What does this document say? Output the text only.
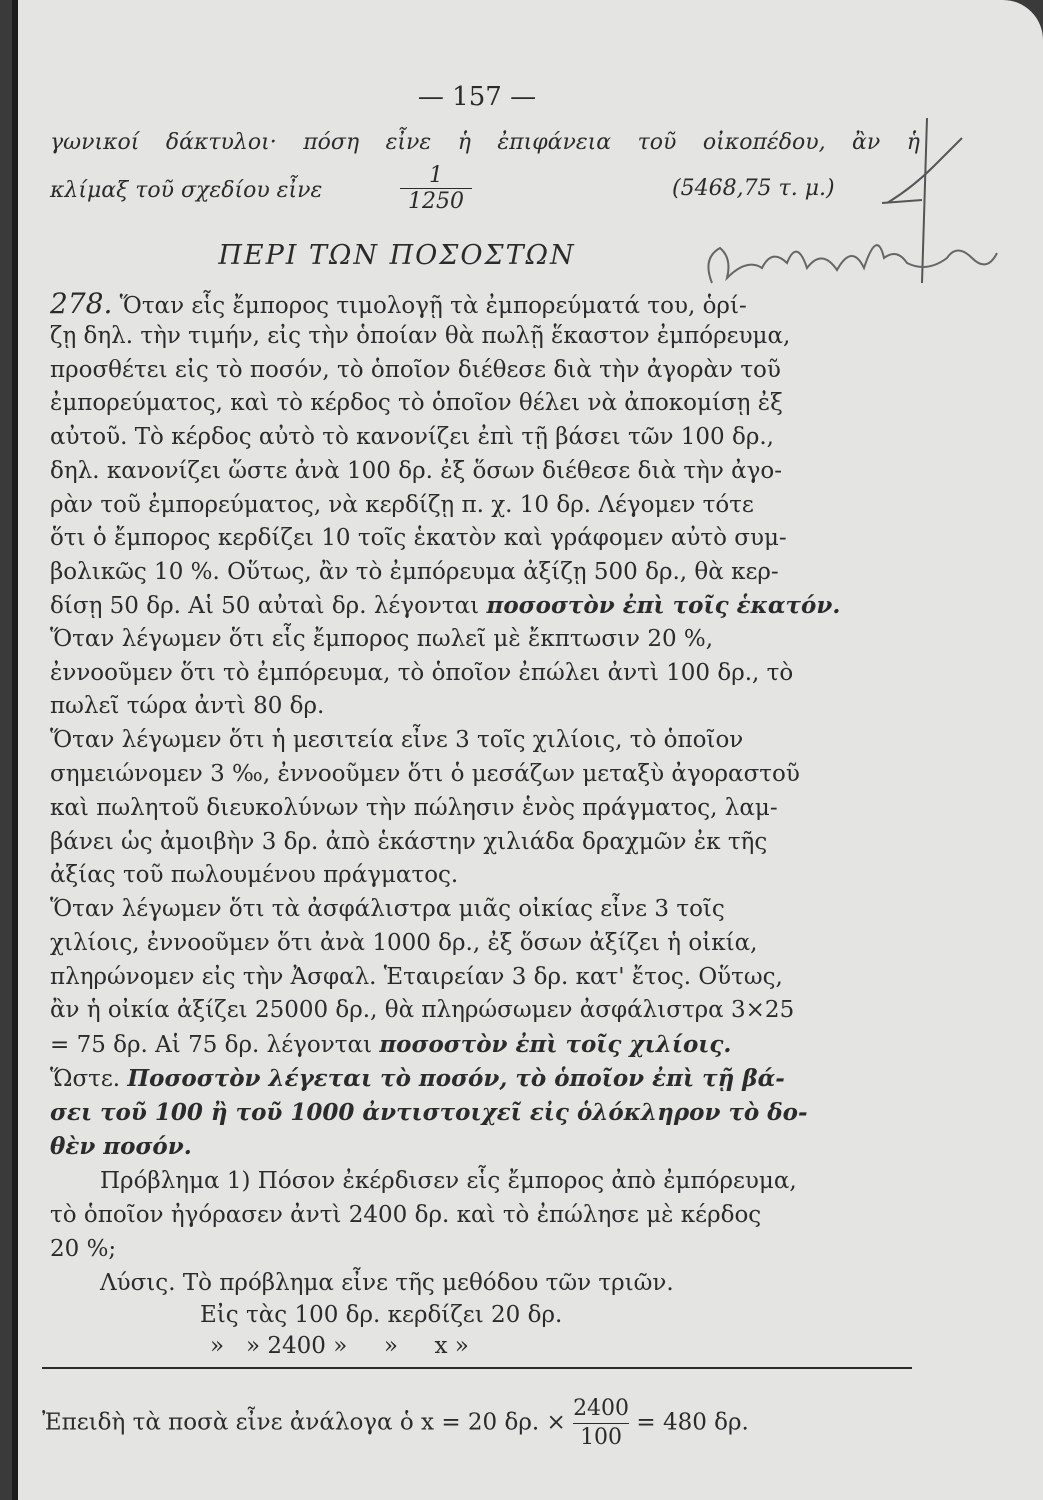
— 157 —
γωνικοί δάκτυλοι· πόση εἶνε ἡ ἐπιφάνεια τοῦ οἰκοπέδου, ἂν ἡ
κλίμαξ τοῦ σχεδίου εἶνε	$\frac{1}{1250}$	(5468,75 τ. μ.)
ΠΕΡΙ ΤΩΝ ΠΟΣΟΣΤΩΝ
278. Ὅταν εἷς ἔμπορος τιμολογῇ τὰ ἐμπορεύματά του, ὁρί-
ζῃ δηλ. τὴν τιμήν, εἰς τὴν ὁποίαν θὰ πωλῇ ἕκαστον ἐμπόρευμα,
προσθέτει εἰς τὸ ποσόν, τὸ ὁποῖον διέθεσε διὰ τὴν ἀγορὰν τοῦ
ἐμπορεύματος, καὶ τὸ κέρδος τὸ ὁποῖον θέλει νὰ ἀποκομίσῃ ἐξ
αὐτοῦ. Τὸ κέρδος αὐτὸ τὸ κανονίζει ἐπὶ τῇ βάσει τῶν 100 δρ.,
δηλ. κανονίζει ὥστε ἀνὰ 100 δρ. ἐξ ὅσων διέθεσε διὰ τὴν ἀγο-
ρὰν τοῦ ἐμπορεύματος, νὰ κερδίζῃ π. χ. 10 δρ. Λέγομεν τότε
ὅτι ὁ ἔμπορος κερδίζει 10 τοῖς ἑκατὸν καὶ γράφομεν αὐτὸ συμ-
βολικῶς 10 %. Οὕτως, ἂν τὸ ἐμπόρευμα ἀξίζῃ 500 δρ., θὰ κερ-
δίσῃ 50 δρ. Αἱ 50 αὐταὶ δρ. λέγονται ποσοστὸν ἐπὶ τοῖς ἑκατόν.
Ὅταν λέγωμεν ὅτι εἷς ἔμπορος πωλεῖ μὲ ἔκπτωσιν 20 %,
ἐννοοῦμεν ὅτι τὸ ἐμπόρευμα, τὸ ὁποῖον ἐπώλει ἀντὶ 100 δρ., τὸ
πωλεῖ τώρα ἀντὶ 80 δρ.
Ὅταν λέγωμεν ὅτι ἡ μεσιτεία εἶνε 3 τοῖς χιλίοις, τὸ ὁποῖον
σημειώνομεν 3 ‰, ἐννοοῦμεν ὅτι ὁ μεσάζων μεταξὺ ἀγοραστοῦ
καὶ πωλητοῦ διευκολύνων τὴν πώλησιν ἑνὸς πράγματος, λαμ-
βάνει ὡς ἀμοιβὴν 3 δρ. ἀπὸ ἑκάστην χιλιάδα δραχμῶν ἐκ τῆς
ἀξίας τοῦ πωλουμένου πράγματος.
Ὅταν λέγωμεν ὅτι τὰ ἀσφάλιστρα μιᾶς οἰκίας εἶνε 3 τοῖς
χιλίοις, ἐννοοῦμεν ὅτι ἀνὰ 1000 δρ., ἐξ ὅσων ἀξίζει ἡ οἰκία,
πληρώνομεν εἰς τὴν Ἀσφαλ. Ἑταιρείαν 3 δρ. κατ' ἔτος. Οὕτως,
ἂν ἡ οἰκία ἀξίζει 25000 δρ., θὰ πληρώσωμεν ἀσφάλιστρα 3×25
= 75 δρ. Αἱ 75 δρ. λέγονται ποσοστὸν ἐπὶ τοῖς χιλίοις.
Ὥστε. Ποσοστὸν λέγεται τὸ ποσόν, τὸ ὁποῖον ἐπὶ τῇ βά-
σει τοῦ 100 ἢ τοῦ 1000 ἀντιστοιχεῖ εἰς ὁλόκληρον τὸ δο-
θὲν ποσόν.
Πρόβλημα 1) Πόσον ἐκέρδισεν εἷς ἔμπορος ἀπὸ ἐμπόρευμα,
τὸ ὁποῖον ἠγόρασεν ἀντὶ 2400 δρ. καὶ τὸ ἐπώλησε μὲ κέρδος
20 %;
Λύσις. Τὸ πρόβλημα εἶνε τῆς μεθόδου τῶν τριῶν.
Εἰς τὰς 100 δρ. κερδίζει 20 δρ.
»   » 2400 »     »     x »
Ἐπειδὴ τὰ ποσὰ εἶνε ἀνάλογα ὁ x = 20 δρ. × $\frac{2400}{100} = 480$ δρ.
